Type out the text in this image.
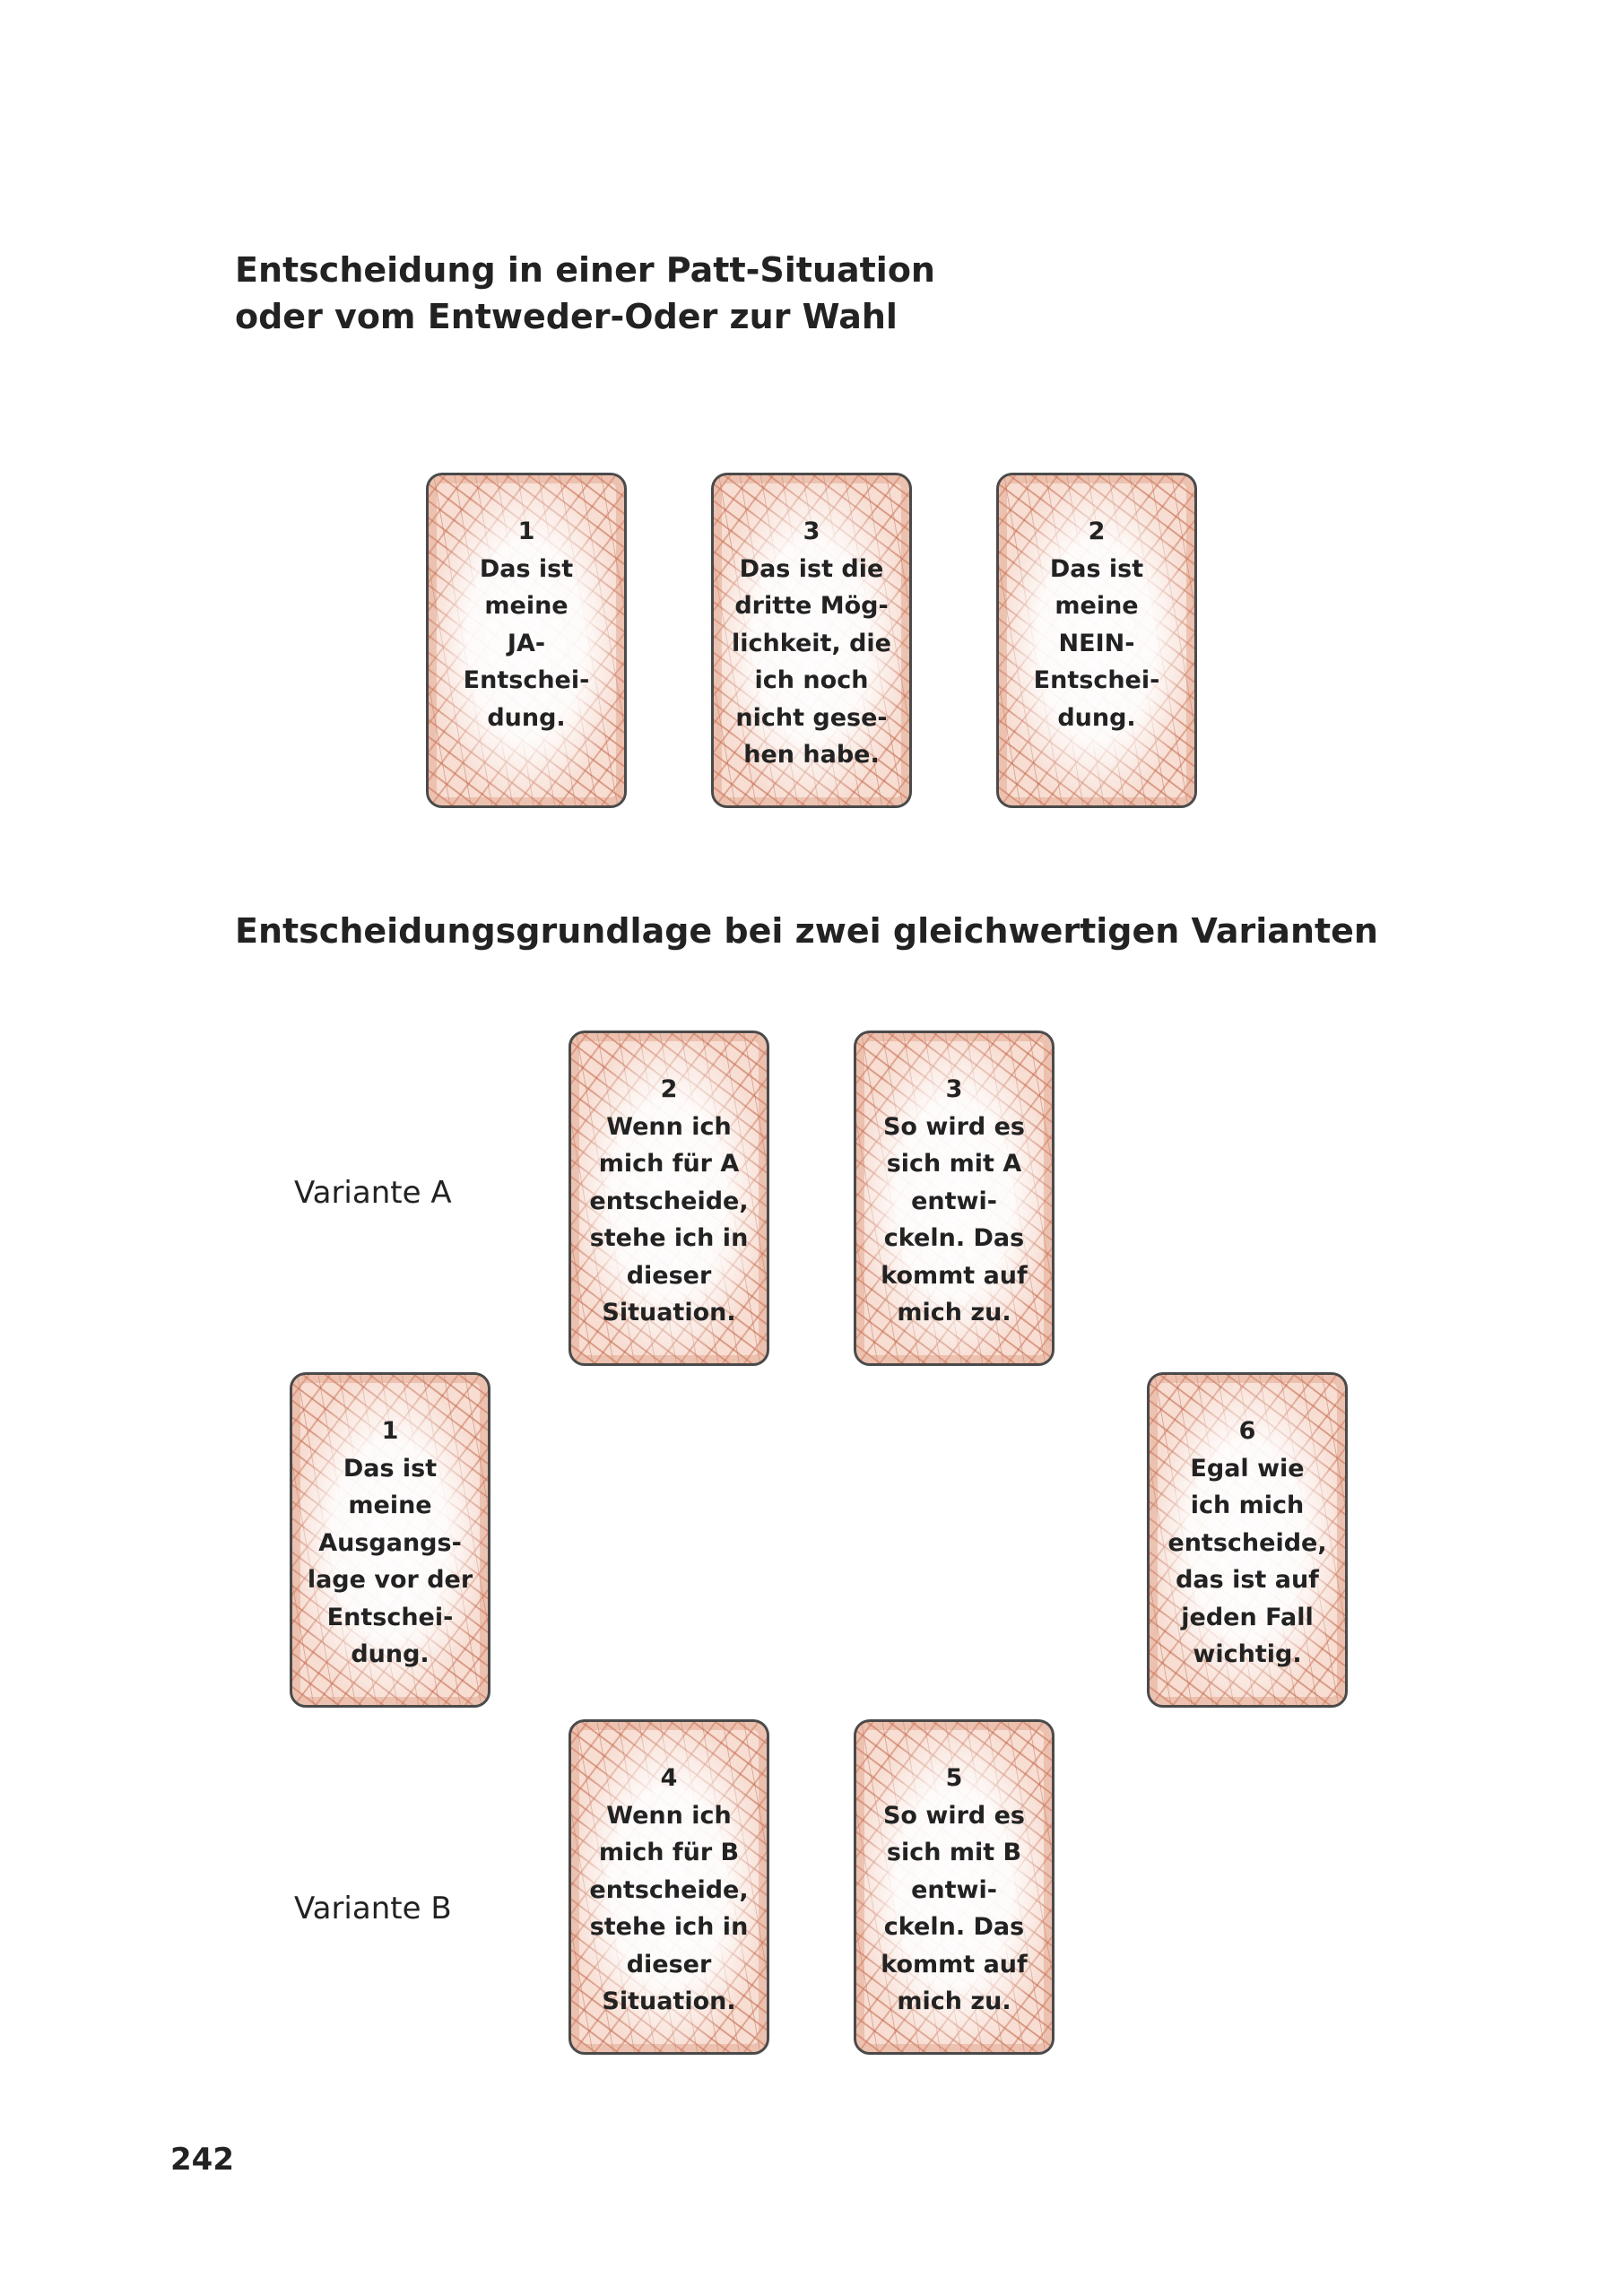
Entscheidung in einer Patt-Situation
oder vom Entweder-Oder zur Wahl
1
Das ist
meine
JA-
Entschei-
dung.
3
Das ist die
dritte Mög-
lichkeit, die
ich noch
nicht gese-
hen habe.
2
Das ist
meine
NEIN-
Entschei-
dung.
Entscheidungsgrundlage bei zwei gleichwertigen Varianten

Variante A

Variante B

1
Das ist
meine
Ausgangs-
lage vor der
Entschei-
dung.
2
Wenn ich
mich für A
entscheide,
stehe ich in
dieser
Situation.
3
So wird es
sich mit A
entwi-
ckeln. Das
kommt auf
mich zu.
4
Wenn ich
mich für B
entscheide,
stehe ich in
dieser
Situation.
5
So wird es
sich mit B
entwi-
ckeln. Das
kommt auf
mich zu.
6
Egal wie
ich mich
entscheide,
das ist auf
jeden Fall
wichtig.

242
